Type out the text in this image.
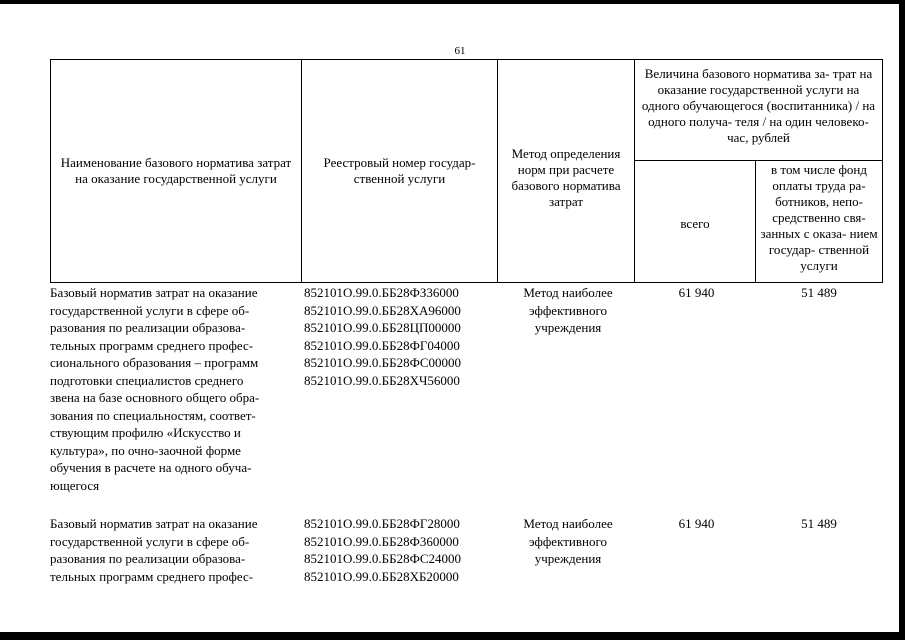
61
Наименование базового норматива затрат на оказание государственной услуги
Реестровый номер государ- ственной услуги
Метод определения норм при расчете базового норматива затрат
Величина базового норматива за- трат на оказание государственной услуги на одного обучающегося (воспитанника) / на одного получа- теля / на один человеко-час, рублей
всего
в том числе фонд оплаты труда ра- ботников, непо- средственно свя- занных с оказа- нием государ- ственной услуги
Базовый норматив затрат на оказание
государственной услуги в сфере об-
разования по реализации образова-
тельных программ среднего профес-
сионального образования – программ
подготовки специалистов среднего
звена на базе основного общего обра-
зования по специальностям, соответ-
ствующим профилю «Искусство и
культура», по очно-заочной форме
обучения в расчете на одного обуча-
ющегося
852101О.99.0.ББ28ФЗ36000
852101О.99.0.ББ28ХА96000
852101О.99.0.ББ28ЦП00000
852101О.99.0.ББ28ФГ04000
852101О.99.0.ББ28ФС00000
852101О.99.0.ББ28ХЧ56000
Метод наиболее эффективного учреждения
61 940	51 489
Базовый норматив затрат на оказание
государственной услуги в сфере об-
разования по реализации образова-
тельных программ среднего профес-
852101О.99.0.ББ28ФГ28000
852101О.99.0.ББ28Ф360000
852101О.99.0.ББ28ФС24000
852101О.99.0.ББ28ХБ20000
Метод наиболее эффективного учреждения
61 940	51 489
